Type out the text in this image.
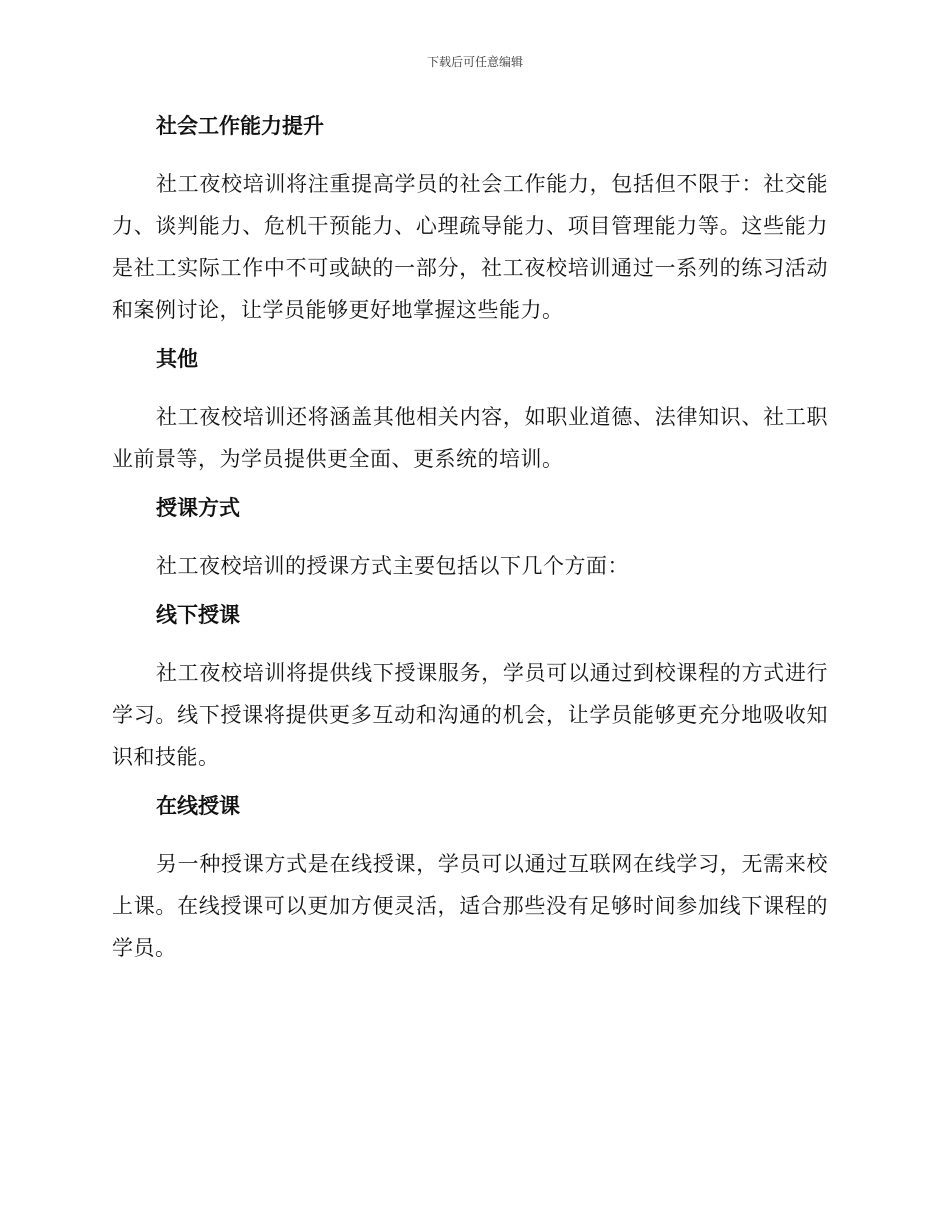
下载后可任意编辑
社会工作能力提升

社工夜校培训将注重提高学员的社会工作能力，包括但不限于：社交能力、谈判能力、危机干预能力、心理疏导能力、项目管理能力等。这些能力是社工实际工作中不可或缺的一部分，社工夜校培训通过一系列的练习活动和案例讨论，让学员能够更好地掌握这些能力。

其他

社工夜校培训还将涵盖其他相关内容，如职业道德、法律知识、社工职业前景等，为学员提供更全面、更系统的培训。

授课方式

社工夜校培训的授课方式主要包括以下几个方面：

线下授课

社工夜校培训将提供线下授课服务，学员可以通过到校课程的方式进行学习。线下授课将提供更多互动和沟通的机会，让学员能够更充分地吸收知识和技能。

在线授课

另一种授课方式是在线授课，学员可以通过互联网在线学习，无需来校上课。在线授课可以更加方便灵活，适合那些没有足够时间参加线下课程的学员。
